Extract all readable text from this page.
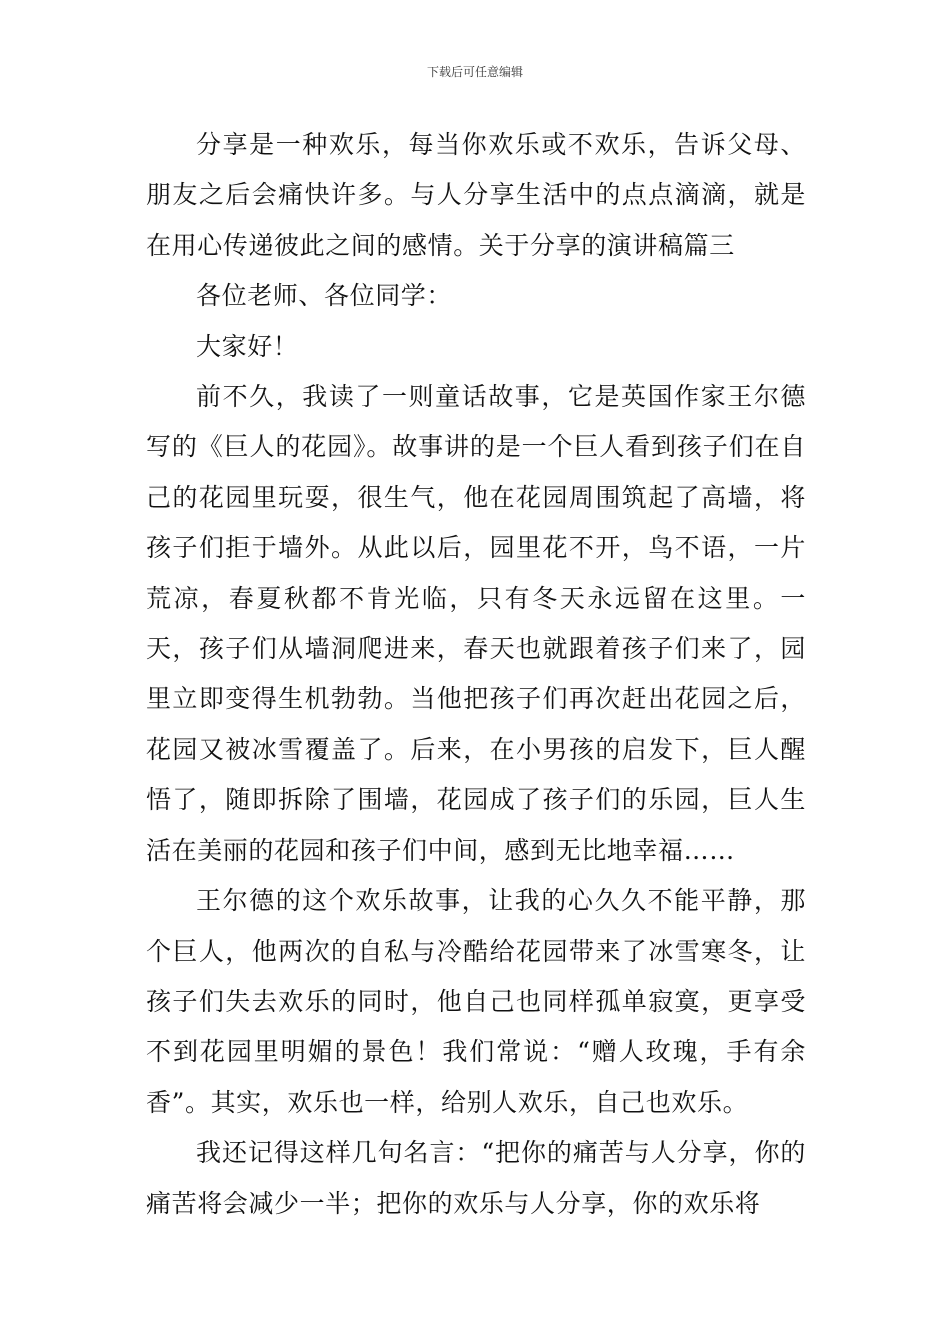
下载后可任意编辑

分享是一种欢乐，每当你欢乐或不欢乐，告诉父母、朋友之后会痛快许多。与人分享生活中的点点滴滴，就是在用心传递彼此之间的感情。关于分享的演讲稿篇三

各位老师、各位同学：

大家好！

前不久，我读了一则童话故事，它是英国作家王尔德写的《巨人的花园》。故事讲的是一个巨人看到孩子们在自己的花园里玩耍，很生气，他在花园周围筑起了高墙，将孩子们拒于墙外。从此以后，园里花不开，鸟不语，一片荒凉，春夏秋都不肯光临，只有冬天永远留在这里。一天，孩子们从墙洞爬进来，春天也就跟着孩子们来了，园里立即变得生机勃勃。当他把孩子们再次赶出花园之后，花园又被冰雪覆盖了。后来，在小男孩的启发下，巨人醒悟了，随即拆除了围墙，花园成了孩子们的乐园，巨人生活在美丽的花园和孩子们中间，感到无比地幸福……

王尔德的这个欢乐故事，让我的心久久不能平静，那个巨人，他两次的自私与冷酷给花园带来了冰雪寒冬，让孩子们失去欢乐的同时，他自己也同样孤单寂寞，更享受不到花园里明媚的景色！我们常说：“赠人玫瑰，手有余香”。其实，欢乐也一样，给别人欢乐，自己也欢乐。

我还记得这样几句名言：“把你的痛苦与人分享，你的痛苦将会减少一半；把你的欢乐与人分享，你的欢乐将
